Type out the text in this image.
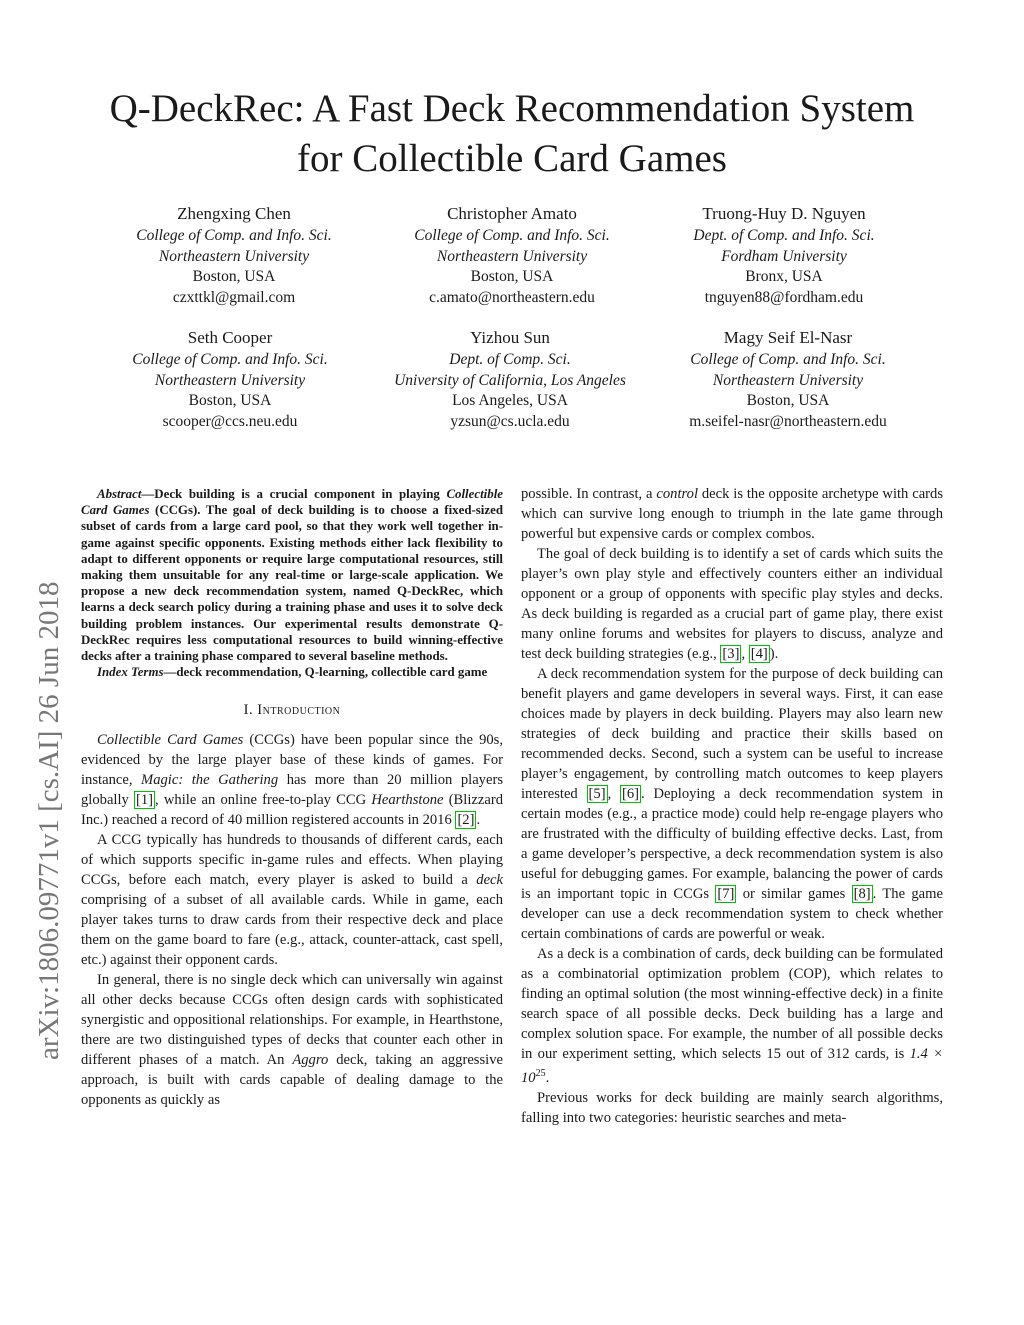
Q-DeckRec: A Fast Deck Recommendation System
for Collectible Card Games
Zhengxing Chen
College of Comp. and Info. Sci.
Northeastern University
Boston, USA
czxttkl@gmail.com
Christopher Amato
College of Comp. and Info. Sci.
Northeastern University
Boston, USA
c.amato@northeastern.edu
Truong-Huy D. Nguyen
Dept. of Comp. and Info. Sci.
Fordham University
Bronx, USA
tnguyen88@fordham.edu
Seth Cooper
College of Comp. and Info. Sci.
Northeastern University
Boston, USA
scooper@ccs.neu.edu
Yizhou Sun
Dept. of Comp. Sci.
University of California, Los Angeles
Los Angeles, USA
yzsun@cs.ucla.edu
Magy Seif El-Nasr
College of Comp. and Info. Sci.
Northeastern University
Boston, USA
m.seifel-nasr@northeastern.edu
arXiv:1806.09771v1 [cs.AI] 26 Jun 2018

Abstract—Deck building is a crucial component in playing Collectible Card Games (CCGs). The goal of deck building is to choose a fixed-sized subset of cards from a large card pool, so that they work well together in-game against specific opponents. Existing methods either lack flexibility to adapt to different opponents or require large computational resources, still making them unsuitable for any real-time or large-scale application. We propose a new deck recommendation system, named Q-DeckRec, which learns a deck search policy during a training phase and uses it to solve deck building problem instances. Our experimental results demonstrate Q-DeckRec requires less computational resources to build winning-effective decks after a training phase compared to several baseline methods.

Index Terms—deck recommendation, Q-learning, collectible card game

I. Introduction

Collectible Card Games (CCGs) have been popular since the 90s, evidenced by the large player base of these kinds of games. For instance, Magic: the Gathering has more than 20 million players globally [1] , while an online free-to-play CCG Hearthstone (Blizzard Inc.) reached a record of 40 million registered accounts in 2016 [2] .

A CCG typically has hundreds to thousands of different cards, each of which supports specific in-game rules and effects. When playing CCGs, before each match, every player is asked to build a deck comprising of a subset of all available cards. While in game, each player takes turns to draw cards from their respective deck and place them on the game board to fare (e.g., attack, counter-attack, cast spell, etc.) against their opponent cards.

In general, there is no single deck which can universally win against all other decks because CCGs often design cards with sophisticated synergistic and oppositional relationships. For example, in Hearthstone, there are two distinguished types of decks that counter each other in different phases of a match. An Aggro deck, taking an aggressive approach, is built with cards capable of dealing damage to the opponents as quickly as

possible. In contrast, a control deck is the opposite archetype with cards which can survive long enough to triumph in the late game through powerful but expensive cards or complex combos.

The goal of deck building is to identify a set of cards which suits the player’s own play style and effectively counters either an individual opponent or a group of opponents with specific play styles and decks. As deck building is regarded as a crucial part of game play, there exist many online forums and websites for players to discuss, analyze and test deck building strategies (e.g., [3] , [4] ).

A deck recommendation system for the purpose of deck building can benefit players and game developers in several ways. First, it can ease choices made by players in deck building. Players may also learn new strategies of deck building and practice their skills based on recommended decks. Second, such a system can be useful to increase player’s engagement, by controlling match outcomes to keep players interested [5] , [6] . Deploying a deck recommendation system in certain modes (e.g., a practice mode) could help re-engage players who are frustrated with the difficulty of building effective decks. Last, from a game developer’s perspective, a deck recommendation system is also useful for debugging games. For example, balancing the power of cards is an important topic in CCGs [7] or similar games [8] . The game developer can use a deck recommendation system to check whether certain combinations of cards are powerful or weak.

As a deck is a combination of cards, deck building can be formulated as a combinatorial optimization problem (COP), which relates to finding an optimal solution (the most winning-effective deck) in a finite search space of all possible decks. Deck building has a large and complex solution space. For example, the number of all possible decks in our experiment setting, which selects 15 out of 312 cards, is $1.4 \times 10^{25}$.

Previous works for deck building are mainly search algorithms, falling into two categories: heuristic searches and meta-
